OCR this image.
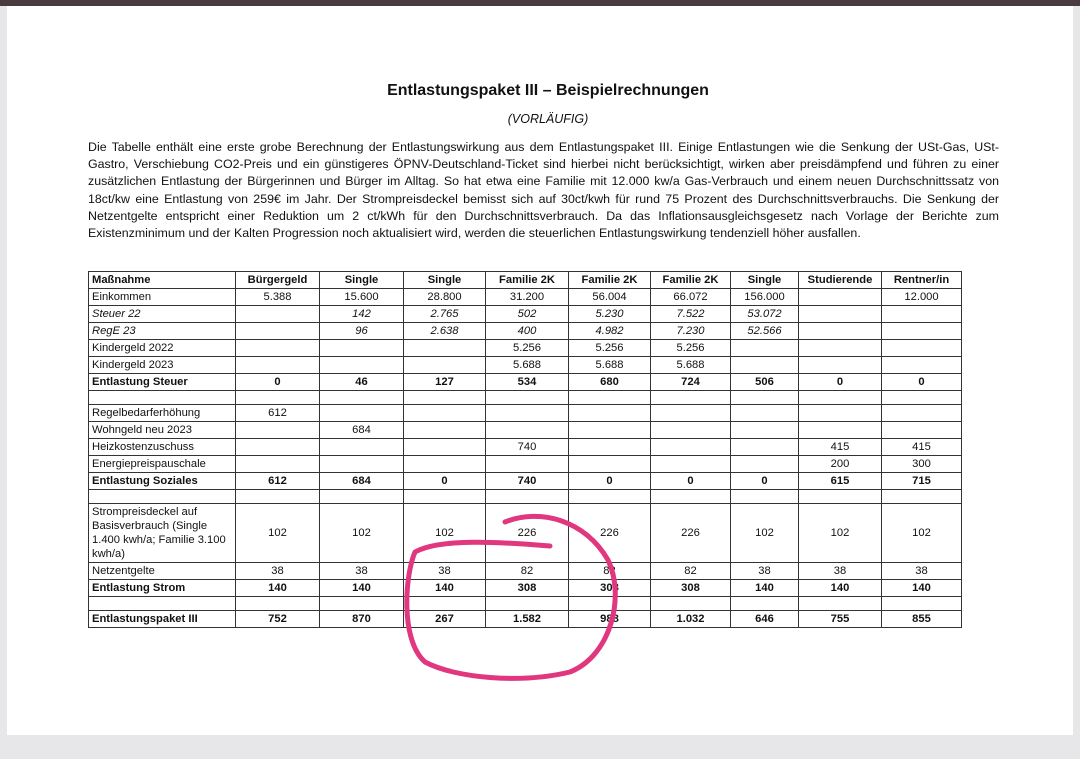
Entlastungspaket III – Beispielrechnungen
(VORLÄUFIG)
Die Tabelle enthält eine erste grobe Berechnung der Entlastungswirkung aus dem Entlastungspaket III. Einige Entlastungen wie die Senkung der USt-Gas, USt-Gastro, Verschiebung CO2-Preis und ein günstigeres ÖPNV-Deutschland-Ticket sind hierbei nicht berücksichtigt, wirken aber preisdämpfend und führen zu einer zusätzlichen Entlastung der Bürgerinnen und Bürger im Alltag. So hat etwa eine Familie mit 12.000 kw/a Gas-Verbrauch und einem neuen Durchschnittssatz von 18ct/kw eine Entlastung von 259€ im Jahr. Der Strompreisdeckel bemisst sich auf 30ct/kwh für rund 75 Prozent des Durchschnittsverbrauchs. Die Senkung der Netzentgelte entspricht einer Reduktion um 2 ct/kWh für den Durchschnittsverbrauch. Da das Inflationsausgleichsgesetz nach Vorlage der Berichte zum Existenzminimum und der Kalten Progression noch aktualisiert wird, werden die steuerlichen Entlastungswirkung tendenziell höher ausfallen.
Maßnahme	Bürgergeld	Single	Single	Familie 2K	Familie 2K	Familie 2K	Single	Studierende	Rentner/in
Einkommen	5.388	15.600	28.800	31.200	56.004	66.072	156.000		12.000
Steuer 22		142	2.765	502	5.230	7.522	53.072		
RegE 23		96	2.638	400	4.982	7.230	52.566		
Kindergeld 2022				5.256	5.256	5.256			
Kindergeld 2023				5.688	5.688	5.688			
Entlastung Steuer	0	46	127	534	680	724	506	0	0

Regelbedarferhöhung	612								
Wohngeld neu 2023		684							
Heizkostenzuschuss				740				415	415
Energiepreispauschale								200	300
Entlastung Soziales	612	684	0	740	0	0	0	615	715

Strompreisdeckel auf Basisverbrauch (Single 1.400 kwh/a; Familie 3.100 kwh/a)	102	102	102	226	226	226	102	102	102
Netzentgelte	38	38	38	82	82	82	38	38	38
Entlastung Strom	140	140	140	308	308	308	140	140	140

Entlastungspaket III	752	870	267	1.582	988	1.032	646	755	855
